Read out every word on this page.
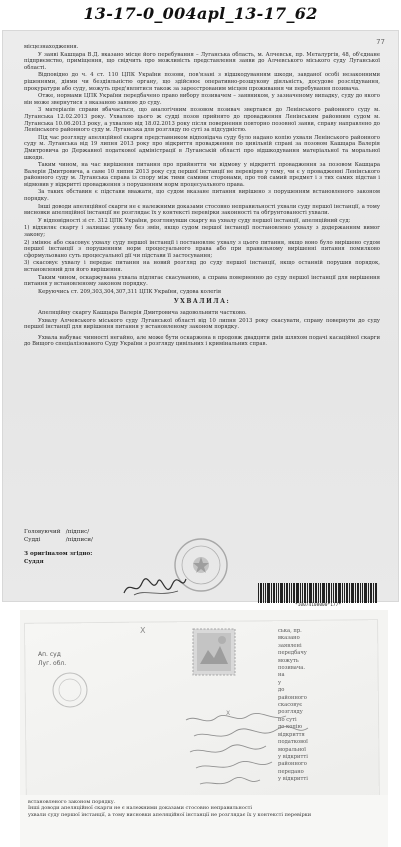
13-17-0_004apl_13-17_62
77

місцезнаходження.

У заяві Кашцара В.Д. вказано місце його перебування – Луганська область, м. Алчевськ, пр. Металургів, 48, об'єднане підприємство, приміщення, що свідчить про можливість представлення заяви до Алчевського міського суду Луганської області.

Відповідно до ч. 4 ст. 110 ЦПК України позови, пов'язані з відшкодуванням шкоди, завданої особі незаконними рішеннями, діями чи бездіяльністю органу, що здійснює оперативно-розшукову діяльність, досудове розслідування, прокуратури або суду, можуть пред'являтися також за зареєстрованим місцем проживання чи перебування позивача.

Отже, нормами ЦПК України передбачено право вибору позивачем – заявником, у зазначеному випадку, суду до якого він може звернутися з вказаною заявою до суду.

З матеріалів справи вбачається, що аналогічним позовом позивач звертався до Ленінського районного суду м. Луганська 12.02.2013 року. Ухвалою цього ж судді позов прийнято до провадження Ленінським районним судом м. Луганська 10.06.2013 року, а ухвалою від 18.02.2013 року після повернення повторно позовної заяви, справу направлено до Ленінського районного суду м. Луганська для розгляду по суті за підсудністю.

Під час розгляду апеляційної скарги представником відповідача суду було надано копію ухвали Ленінського районного суду м. Луганська від 19 липня 2013 року про відкриття провадження по цивільній справі за позовом Кашцара Валерія Дмитровича до Державної податкової адміністрації в Луганській області про відшкодування матеріальної та моральної шкоди.

Таким чином, на час вирішення питання про прийняття чи відмову у відкритті провадження за позовом Кашцара Валерія Дмитровича, а саме 10 липня 2013 року суд першої інстанції не перевіряв у тому, чи є у провадженні Ленінського районного суду м. Луганська справа із спору між тими самими сторонами, про той самий предмет і з тих самих підстав і відмовив у відкритті провадження з порушенням норм процесуального права.

За таких обставин є підстави вважати, що судом вказане питання вирішено з порушенням встановленого законом порядку.

Інші доводи апеляційної скарги не є належними доказами стосовно неправильності ухвали суду першої інстанції, а тому висновки апеляційної інстанції не розглядає їх у контексті перевірки законності та обґрунтованості ухвали.

У відповідності зі ст. 312 ЦПК України, розглянувши скаргу на ухвалу суду першої інстанції, апеляційний суд:

1) відхиляє скаргу і залишає ухвалу без змін, якщо судом першої інстанції постановлено ухвалу з додержанням вимог закону;

2) змінює або скасовує ухвалу суду першої інстанції і постановляє ухвалу з цього питання, якщо воно було вирішено судом першої інстанції з порушенням норм процесуального права або при правильному вирішенні питання помилково сформульовано суть процесуальної дії чи підстави її застосування;

3) скасовує ухвалу і передає питання на новий розгляд до суду першої інстанції, якщо останній порушив порядок, встановлений для його вирішення.

Таким чином, оскаржувана ухвала підлягає скасуванню, а справа поверненню до суду першої інстанції для вирішення питання у встановленому законом порядку.

Керуючись ст. 209,303,304,307,311 ЦПК України, судова колегія

УХВАЛИЛА:

Апеляційну скаргу Кашцара Валерія Дмитровича задовольнити частково.

Ухвалу Алчевського міського суду Луганської області від 10 липня 2013 року скасувати, справу повернути до суду першої інстанції для вирішення питання у встановленому законом порядку.

Ухвала набуває чинності негайно, але може бути оскаржена в продовж двадцяти днів шляхом подачі касаційної скарги до Вищого спеціалізованого Суду України з розгляду цивільних і кримінальних справ.

Головуючий /підпис/
Судді	/підписи/
З оригіналом згідно:
Суддя
*10074108000*177*
X
Ап. суд
Луг. обл.
ська, пр.
вказано
заявлені
передбачу
можуть
позивача.
на
у
до
районного
скасовує
розгляду
по суті
до копію
відкриття
податкової
моральної
у відкритті
районного
передано
у відкритті
X
встановленого законом порядку.
Інші доводи апеляційної скарги не є належними доказами стосовно неправильності
ухвали суду першої інстанції, а тому висновки апеляційної інстанції не розглядає їх у контексті перевірки
